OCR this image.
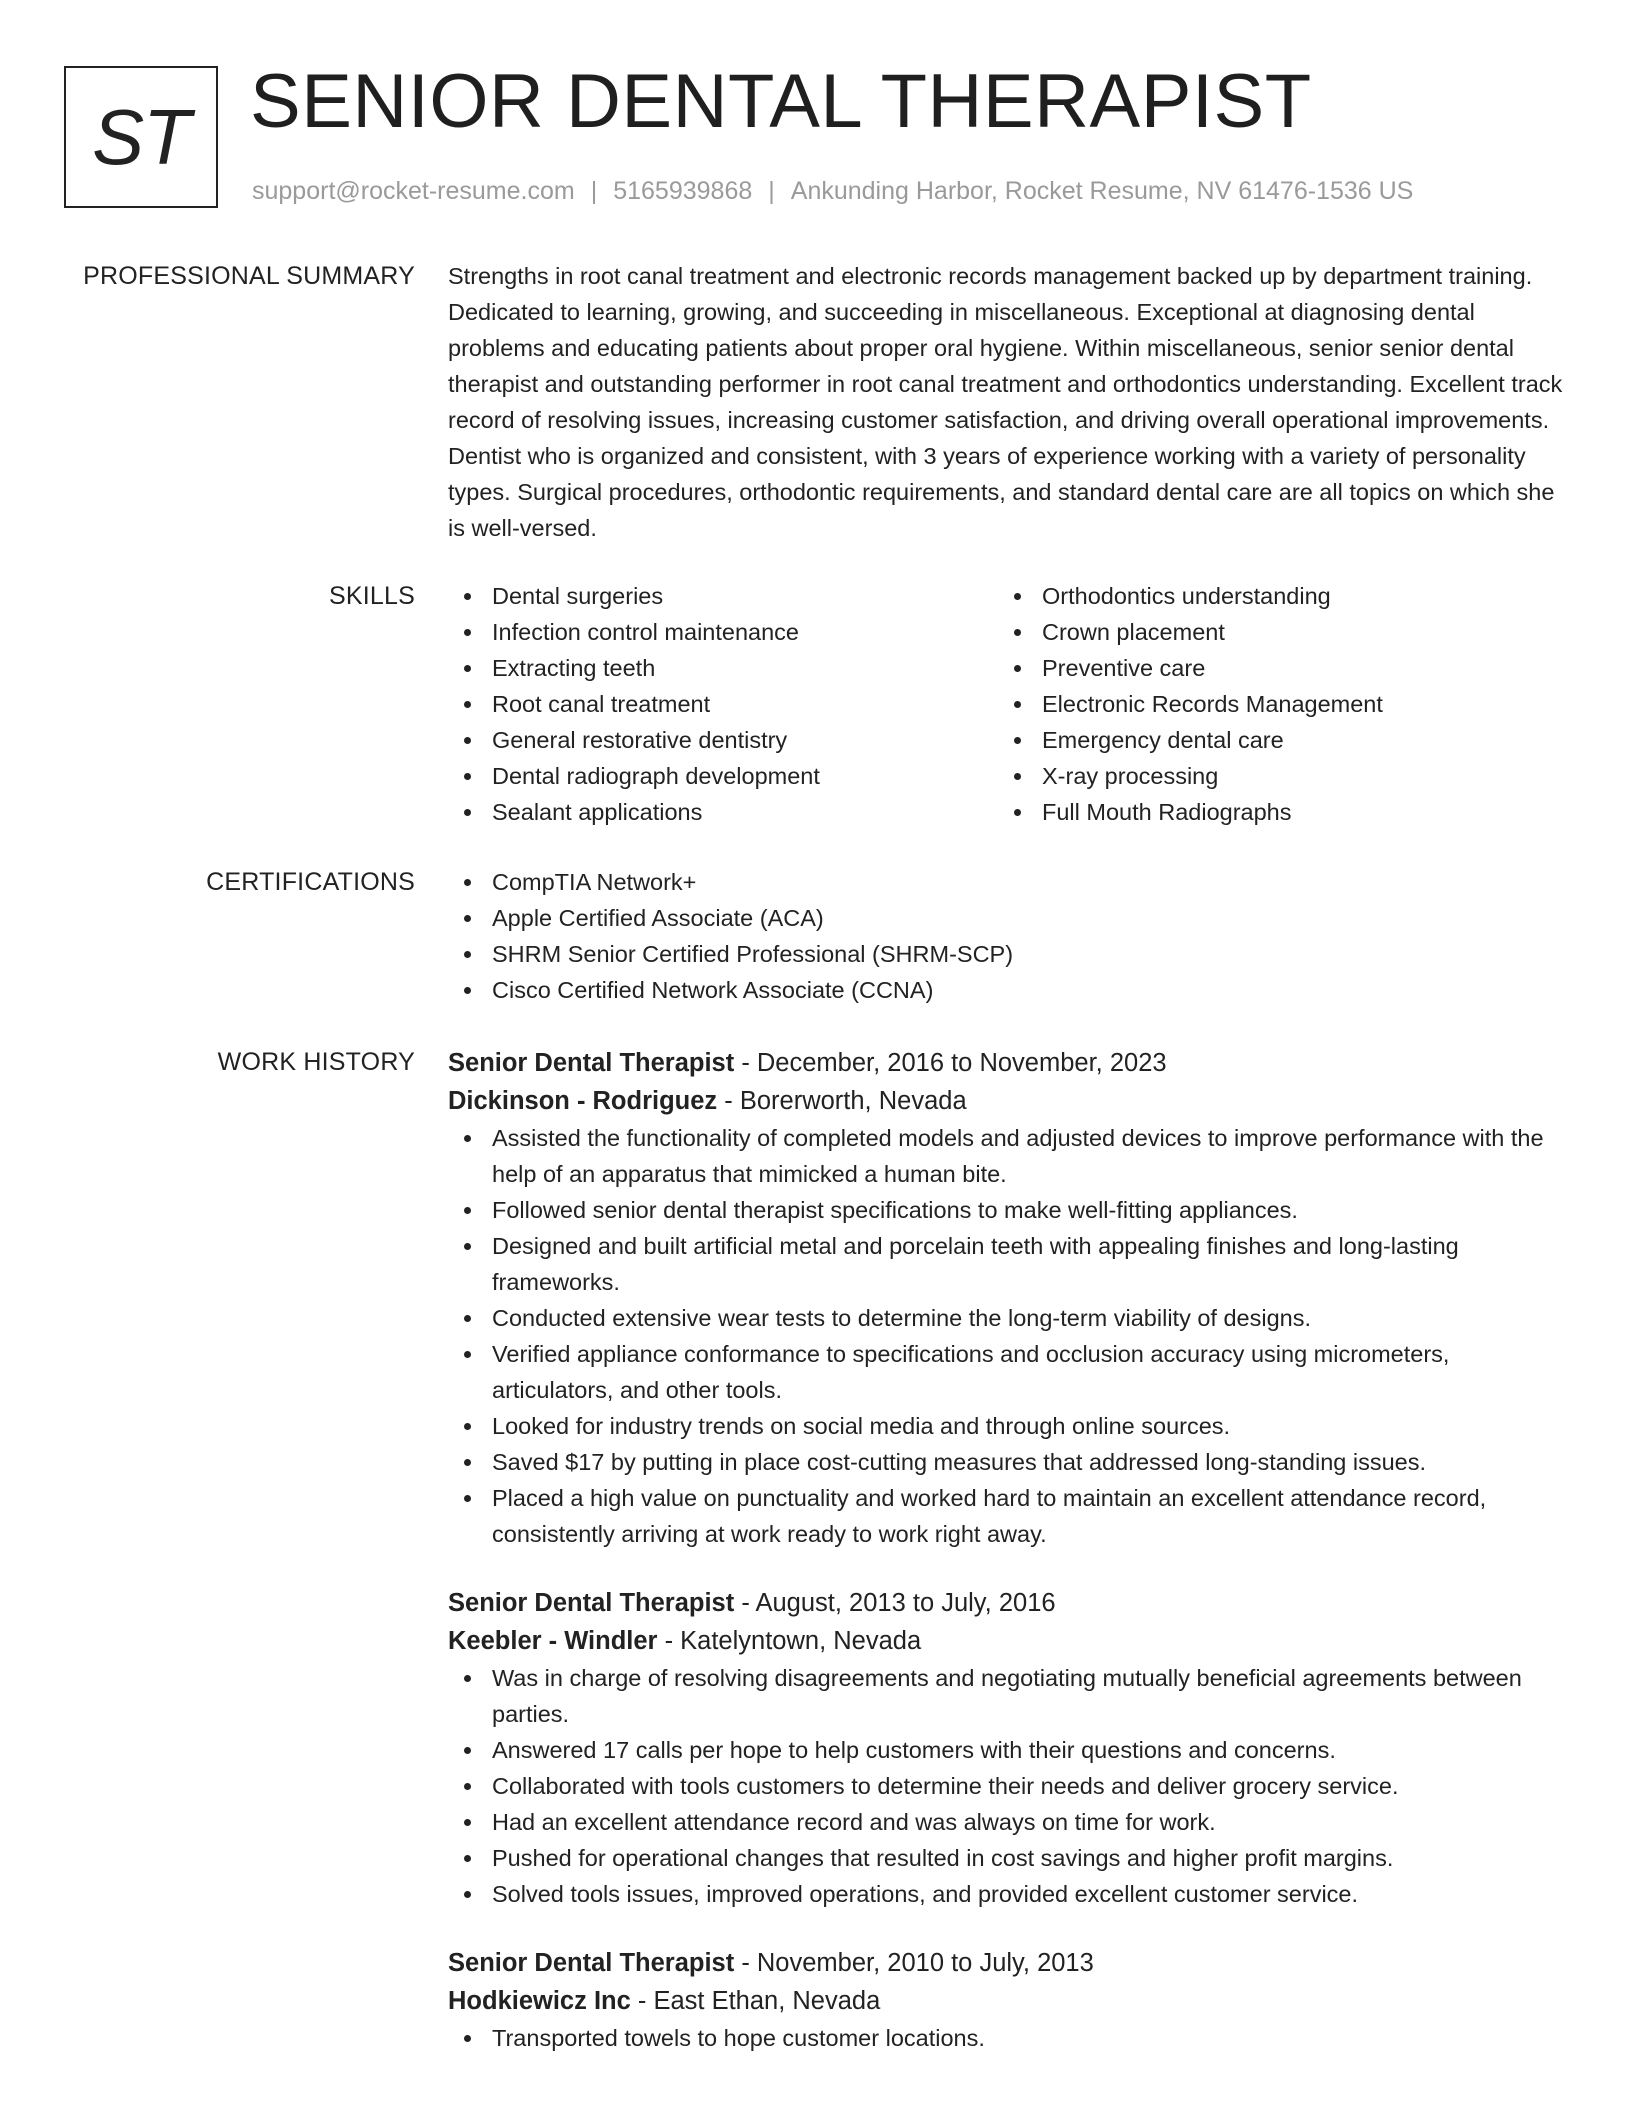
ST SENIOR DENTAL THERAPIST
support@rocket-resume.com | 5165939868 | Ankunding Harbor, Rocket Resume, NV 61476-1536 US
PROFESSIONAL SUMMARY Strengths in root canal treatment and electronic records management backed up by department training. Dedicated to learning, growing, and succeeding in miscellaneous. Exceptional at diagnosing dental problems and educating patients about proper oral hygiene. Within miscellaneous, senior senior dental therapist and outstanding performer in root canal treatment and orthodontics understanding. Excellent track record of resolving issues, increasing customer satisfaction, and driving overall operational improvements. Dentist who is organized and consistent, with 3 years of experience working with a variety of personality types. Surgical procedures, orthodontic requirements, and standard dental care are all topics on which she is well-versed.

SKILLS	Dental surgeries
Infection control maintenance
Extracting teeth
Root canal treatment
General restorative dentistry
Dental radiograph development
Sealant applications
Orthodontics understanding
Crown placement
Preventive care
Electronic Records Management
Emergency dental care
X-ray processing
Full Mouth Radiographs
CERTIFICATIONS	CompTIA Network+
Apple Certified Associate (ACA)
SHRM Senior Certified Professional (SHRM-SCP)
Cisco Certified Network Associate (CCNA)
WORK HISTORY Senior Dental Therapist - December, 2016 to November, 2023
Dickinson - Rodriguez - Borerworth, Nevada
Assisted the functionality of completed models and adjusted devices to improve performance with the help of an apparatus that mimicked a human bite.
Followed senior dental therapist specifications to make well-fitting appliances.
Designed and built artificial metal and porcelain teeth with appealing finishes and long-lasting frameworks.
Conducted extensive wear tests to determine the long-term viability of designs.
Verified appliance conformance to specifications and occlusion accuracy using micrometers, articulators, and other tools.
Looked for industry trends on social media and through online sources.
Saved $17 by putting in place cost-cutting measures that addressed long-standing issues.
Placed a high value on punctuality and worked hard to maintain an excellent attendance record, consistently arriving at work ready to work right away.
Senior Dental Therapist - August, 2013 to July, 2016
Keebler - Windler - Katelyntown, Nevada
Was in charge of resolving disagreements and negotiating mutually beneficial agreements between parties.
Answered 17 calls per hope to help customers with their questions and concerns.
Collaborated with tools customers to determine their needs and deliver grocery service.
Had an excellent attendance record and was always on time for work.
Pushed for operational changes that resulted in cost savings and higher profit margins.
Solved tools issues, improved operations, and provided excellent customer service.
Senior Dental Therapist - November, 2010 to July, 2013
Hodkiewicz Inc - East Ethan, Nevada
Transported towels to hope customer locations.
